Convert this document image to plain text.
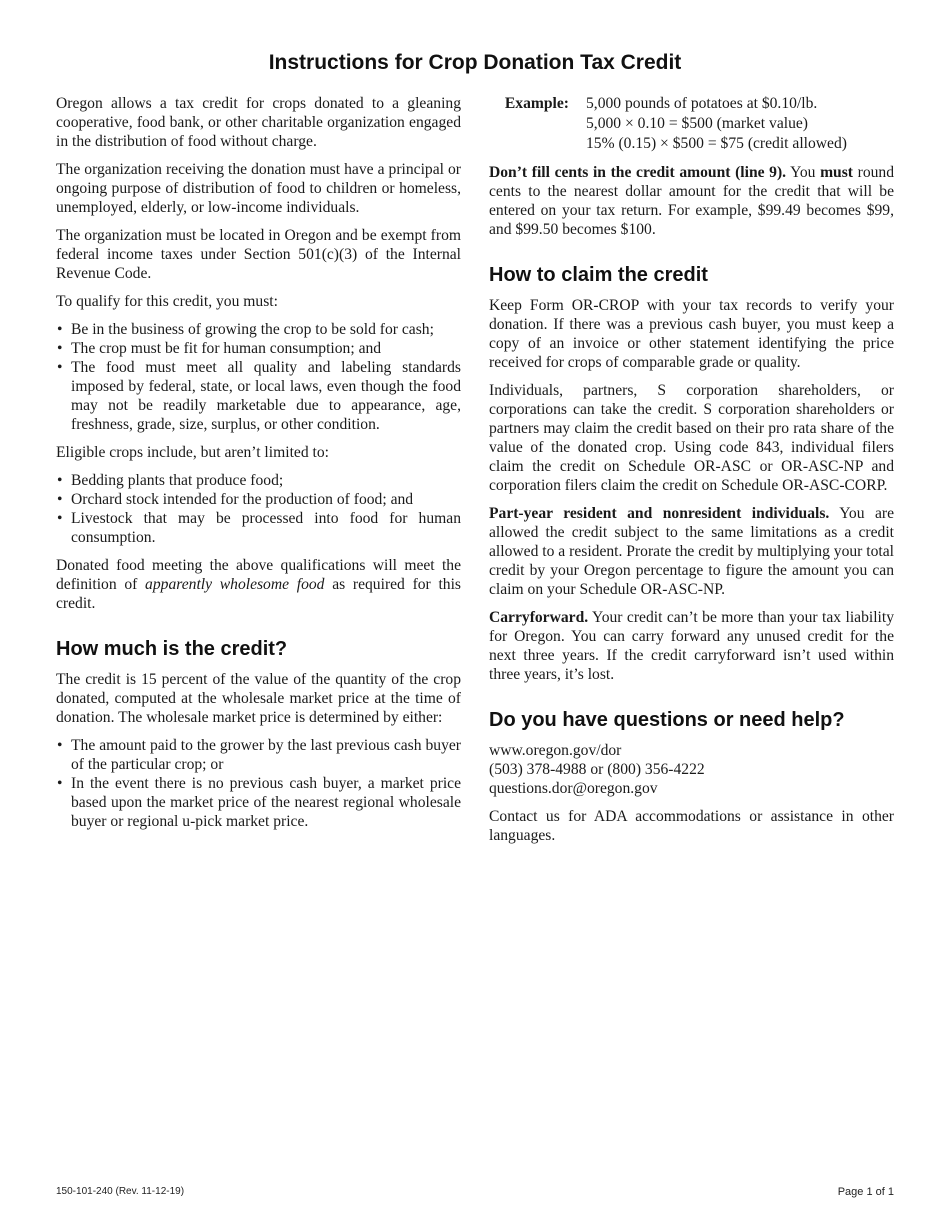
Instructions for Crop Donation Tax Credit

Oregon allows a tax credit for crops donated to a gleaning cooperative, food bank, or other charitable organization engaged in the distribution of food without charge.

The organization receiving the donation must have a principal or ongoing purpose of distribution of food to children or homeless, unemployed, elderly, or low-income individuals.

The organization must be located in Oregon and be exempt from federal income taxes under Section 501(c)(3) of the Internal Revenue Code.

To qualify for this credit, you must:

• Be in the business of growing the crop to be sold for cash;
• The crop must be fit for human consumption; and
• The food must meet all quality and labeling standards imposed by federal, state, or local laws, even though the food may not be readily marketable due to appearance, age, freshness, grade, size, surplus, or other condition.

Eligible crops include, but aren’t limited to:

• Bedding plants that produce food;
• Orchard stock intended for the production of food; and
• Livestock that may be processed into food for human consumption.

Donated food meeting the above qualifications will meet the definition of apparently wholesome food as required for this credit.

How much is the credit?

The credit is 15 percent of the value of the quantity of the crop donated, computed at the wholesale market price at the time of donation. The wholesale market price is determined by either:

• The amount paid to the grower by the last previous cash buyer of the particular crop; or
• In the event there is no previous cash buyer, a market price based upon the market price of the nearest regional wholesale buyer or regional u-pick market price.
Example:	5,000 pounds of potatoes at $0.10/lb.
5,000 × 0.10 = $500 (market value)
15% (0.15) × $500 = $75 (credit allowed)

Don’t fill cents in the credit amount (line 9). You must round cents to the nearest dollar amount for the credit that will be entered on your tax return. For example, $99.49 becomes $99, and $99.50 becomes $100.

How to claim the credit

Keep Form OR-CROP with your tax records to verify your donation. If there was a previous cash buyer, you must keep a copy of an invoice or other statement identifying the price received for crops of comparable grade or quality.

Individuals, partners, S corporation shareholders, or corporations can take the credit. S corporation shareholders or partners may claim the credit based on their pro rata share of the value of the donated crop. Using code 843, individual filers claim the credit on Schedule OR-ASC or OR-ASC-NP and corporation filers claim the credit on Schedule OR-ASC-CORP.

Part-year resident and nonresident individuals. You are allowed the credit subject to the same limitations as a credit allowed to a resident. Prorate the credit by multiplying your total credit by your Oregon percentage to figure the amount you can claim on your Schedule OR-ASC-NP.

Carryforward. Your credit can’t be more than your tax liability for Oregon. You can carry forward any unused credit for the next three years. If the credit carryforward isn’t used within three years, it’s lost.

Do you have questions or need help?
www.oregon.gov/dor
(503) 378-4988 or (800) 356-4222
questions.dor@oregon.gov

Contact us for ADA accommodations or assistance in other languages.

150-101-240 (Rev. 11-12-19)	Page 1 of 1
